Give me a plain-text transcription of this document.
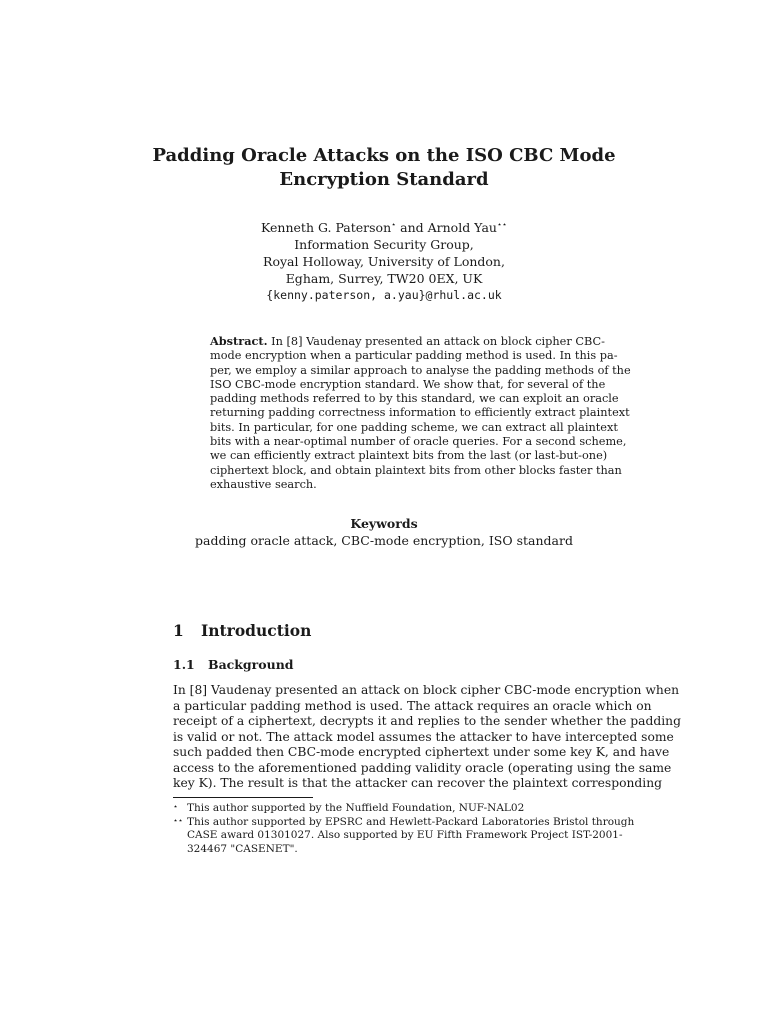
Padding Oracle Attacks on the ISO CBC Mode
Encryption Standard
Kenneth G. Paterson⋆ and Arnold Yau⋆⋆
Information Security Group,
Royal Holloway, University of London,
Egham, Surrey, TW20 0EX, UK
{kenny.paterson, a.yau}@rhul.ac.uk
Abstract. In [8] Vaudenay presented an attack on block cipher CBC-
mode encryption when a particular padding method is used. In this pa-
per, we employ a similar approach to analyse the padding methods of the
ISO CBC-mode encryption standard. We show that, for several of the
padding methods referred to by this standard, we can exploit an oracle
returning padding correctness information to efficiently extract plaintext
bits. In particular, for one padding scheme, we can extract all plaintext
bits with a near-optimal number of oracle queries. For a second scheme,
we can efficiently extract plaintext bits from the last (or last-but-one)
ciphertext block, and obtain plaintext bits from other blocks faster than
exhaustive search.
Keywords
padding oracle attack, CBC-mode encryption, ISO standard
1 Introduction
1.1 Background
In [8] Vaudenay presented an attack on block cipher CBC-mode encryption when
a particular padding method is used. The attack requires an oracle which on
receipt of a ciphertext, decrypts it and replies to the sender whether the padding
is valid or not. The attack model assumes the attacker to have intercepted some
such padded then CBC-mode encrypted ciphertext under some key K, and have
access to the aforementioned padding validity oracle (operating using the same
key K). The result is that the attacker can recover the plaintext corresponding
⋆ This author supported by the Nuffield Foundation, NUF-NAL02
⋆⋆ This author supported by EPSRC and Hewlett-Packard Laboratories Bristol through
CASE award 01301027. Also supported by EU Fifth Framework Project IST-2001-
324467 "CASENET".
